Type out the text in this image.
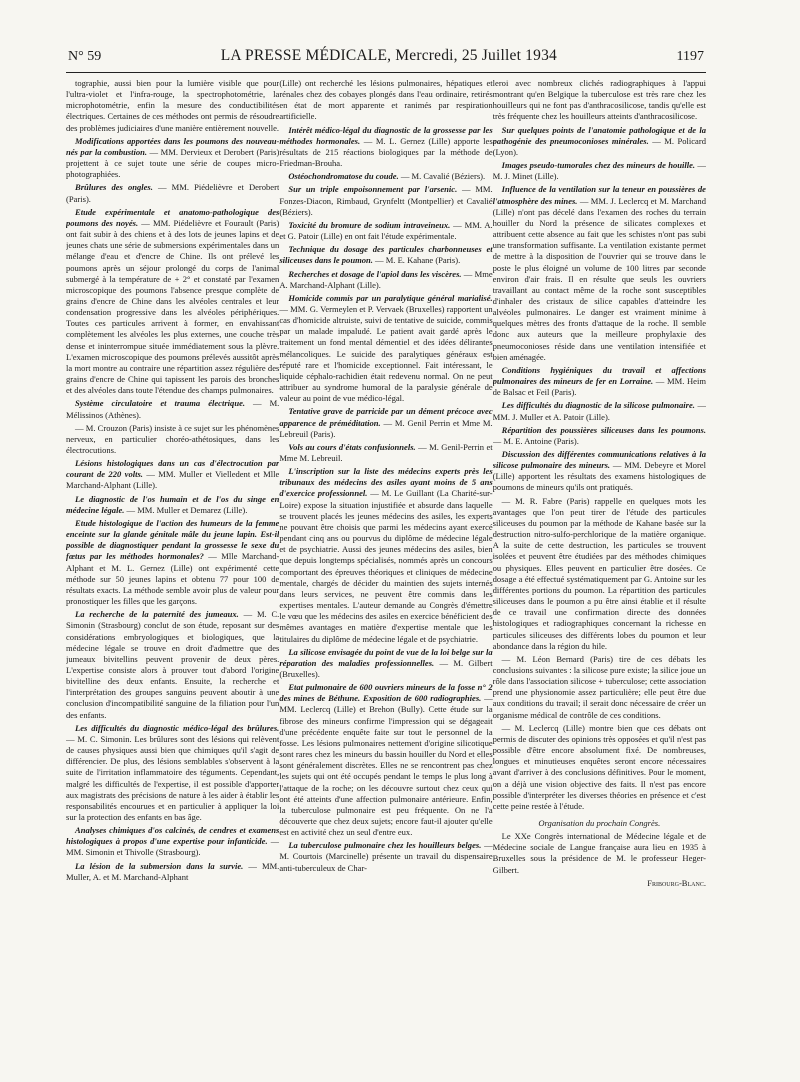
N° 59	LA PRESSE MÉDICALE, Mercredi, 25 Juillet 1934	1197

tographie, aussi bien pour la lumière visible que pour l'ultra-violet et l'infra-rouge, la spectrophotométrie, la microphotométrie, enfin la mesure des conductibilités électriques. Certaines de ces méthodes ont permis de résoudre des problèmes judiciaires d'une manière entièrement nouvelle.

Modifications apportées dans les poumons des nouveau-nés par la combustion. — MM. Dervieux et Derobert (Paris) projettent à ce sujet toute une série de coupes micro-photographiées.

Brûlures des ongles. — MM. Piédelièvre et Derobert (Paris).

Etude expérimentale et anatomo-pathologique des poumons des noyés. — MM. Piédelièvre et Fourault (Paris) ont fait subir à des chiens et à des lots de jeunes lapins et de jeunes chats une série de submersions expérimentales dans un mélange d'eau et d'encre de Chine. Ils ont prélevé les poumons après un séjour prolongé du corps de l'animal submergé à la température de + 2° et constaté par l'examen microscopique des poumons l'absence presque complète de grains d'encre de Chine dans les alvéoles centrales et leur condensation progressive dans les alvéoles périphériques. Toutes ces particules arrivent à former, en envahissant complètement les alvéoles les plus externes, une couche très dense et ininterrompue située immédiatement sous la plèvre. L'examen microscopique des poumons prélevés aussitôt après la mort montre au contraire une répartition assez régulière des grains d'encre de Chine qui tapissent les parois des bronches et des alvéoles dans toute l'étendue des champs pulmonaires.

Système circulatoire et trauma électrique. — M. Mélissinos (Athènes).

— M. Crouzon (Paris) insiste à ce sujet sur les phénomènes nerveux, en particulier choréo-athétosiques, dans les électrocutions.

Lésions histologiques dans un cas d'électrocution par courant de 220 volts. — MM. Muller et Vielledent et Mlle Marchand-Alphant (Lille).

Le diagnostic de l'os humain et de l'os du singe en médecine légale. — MM. Muller et Demarez (Lille).

Etude histologique de l'action des humeurs de la femme enceinte sur la glande génitale mâle du jeune lapin. Est-il possible de diagnostiquer pendant la grossesse le sexe du fœtus par les méthodes hormonales? — Mlle Marchand-Alphant et M. L. Gernez (Lille) ont expérimenté cette méthode sur 50 jeunes lapins et obtenu 77 pour 100 de résultats exacts. La méthode semble avoir plus de valeur pour pronostiquer les filles que les garçons.

La recherche de la paternité des jumeaux. — M. C. Simonin (Strasbourg) conclut de son étude, reposant sur des considérations embryologiques et biologiques, que la médecine légale se trouve en droit d'admettre que des jumeaux bivitellins peuvent provenir de deux pères. L'expertise consiste alors à prouver tout d'abord l'origine bivitelline des deux enfants. Ensuite, la recherche et l'interprétation des groupes sanguins peuvent aboutir à une conclusion d'incompatibilité sanguine de la filiation pour l'un des enfants.

Les difficultés du diagnostic médico-légal des brûlures. — M. C. Simonin. Les brûlures sont des lésions qui relèvent de causes physiques aussi bien que chimiques qu'il s'agit de différencier. De plus, des lésions semblables s'observent à la suite de l'irritation inflammatoire des téguments. Cependant, malgré les difficultés de l'expertise, il est possible d'apporter aux magistrats des précisions de nature à les aider à établir les responsabilités encourues et en particulier à appliquer la loi sur la protection des enfants en bas âge.

Analyses chimiques d'os calcinés, de cendres et examens histologiques à propos d'une expertise pour infanticide. — MM. Simonin et Thivolle (Strasbourg).

La lésion de la submersion dans la survie. — MM. Muller, A. et M. Marchand-Alphant

(Lille) ont recherché les lésions pulmonaires, hépatiques et rénales chez des cobayes plongés dans l'eau ordinaire, retirés en état de mort apparente et ranimés par respiration artificielle.

Intérêt médico-légal du diagnostic de la grossesse par les méthodes hormonales. — M. L. Gernez (Lille) apporte les résultats de 215 réactions biologiques par la méthode de Friedman-Brouha.

Ostéochondromatose du coude. — M. Cavalié (Béziers).

Sur un triple empoisonnement par l'arsenic. — MM. Fonzes-Diacon, Rimbaud, Grynfeltt (Montpellier) et Cavalié (Béziers).

Toxicité du bromure de sodium intraveineux. — MM. A. et G. Patoir (Lille) en ont fait l'étude expérimentale.

Technique du dosage des particules charbonneuses et siliceuses dans le poumon. — M. E. Kahane (Paris).

Recherches et dosage de l'apiol dans les viscères. — Mme A. Marchand-Alphant (Lille).

Homicide commis par un paralytique général marialisé. — MM. G. Vermeylen et P. Vervaek (Bruxelles) rapportent un cas d'homicide altruiste, suivi de tentative de suicide, commis par un malade impaludé. Le patient avait gardé après le traitement un fond mental démentiel et des idées délirantes mélancoliques. Le suicide des paralytiques généraux est réputé rare et l'homicide exceptionnel. Fait intéressant, le liquide céphalo-rachidien était redevenu normal. On ne peut attribuer au syndrome humoral de la paralysie générale de valeur au point de vue médico-légal.

Tentative grave de parricide par un dément précoce avec apparence de préméditation. — M. Genil Perrin et Mme M. Lebreuil (Paris).

Vols au cours d'états confusionnels. — M. Genil-Perrin et Mme M. Lebreuil.

L'inscription sur la liste des médecins experts près les tribunaux des médecins des asiles ayant moins de 5 ans d'exercice professionnel. — M. Le Guillant (La Charité-sur-Loire) expose la situation injustifiée et absurde dans laquelle se trouvent placés les jeunes médecins des asiles, les experts ne pouvant être choisis que parmi les médecins ayant exercé pendant cinq ans ou pourvus du diplôme de médecine légale et de psychiatrie. Aussi des jeunes médecins des asiles, bien que depuis longtemps spécialisés, nommés après un concours comportant des épreuves théoriques et cliniques de médecine mentale, chargés de décider du maintien des sujets internés dans leurs services, ne peuvent être commis dans les expertises mentales. L'auteur demande au Congrès d'émettre le vœu que les médecins des asiles en exercice bénéficient des mêmes avantages en matière d'expertise mentale que les titulaires du diplôme de médecine légale et de psychiatrie.

La silicose envisagée du point de vue de la loi belge sur la réparation des maladies professionnelles. — M. Gilbert (Bruxelles).

Etat pulmonaire de 600 ouvriers mineurs de la fosse n° 2 des mines de Béthune. Exposition de 600 radiographies. — MM. Leclercq (Lille) et Brehon (Bully). Cette étude sur la fibrose des mineurs confirme l'impression qui se dégageait d'une précédente enquête faite sur tout le personnel de la fosse. Les lésions pulmonaires nettement d'origine silicotique sont rares chez les mineurs du bassin houiller du Nord et elles sont généralement discrètes. Elles ne se rencontrent pas chez les sujets qui ont été occupés pendant le temps le plus long à l'attaque de la roche; on les découvre surtout chez ceux qui ont été atteints d'une affection pulmonaire antérieure. Enfin, la tuberculose pulmonaire est peu fréquente. On ne l'a découverte que chez deux sujets; encore faut-il ajouter qu'elle est en activité chez un seul d'entre eux.

La tuberculose pulmonaire chez les houilleurs belges. — M. Courtois (Marcinelle) présente un travail du dispensaire anti-tuberculeux de Char-

leroi avec nombreux clichés radiographiques à l'appui montrant qu'en Belgique la tuberculose est très rare chez les houilleurs qui ne font pas d'anthracosilicose, tandis qu'elle est très fréquente chez les houilleurs atteints d'anthracosilicose.

Sur quelques points de l'anatomie pathologique et de la pathogénie des pneumoconioses minérales. — M. Policard (Lyon).

Images pseudo-tumorales chez des mineurs de houille. — M. J. Minet (Lille).

Influence de la ventilation sur la teneur en poussières de l'atmosphère des mines. — MM. J. Leclercq et M. Marchand (Lille) n'ont pas décelé dans l'examen des roches du terrain houiller du Nord la présence de silicates complexes et attribuent cette absence au fait que les schistes n'ont pas subi une transformation suffisante. La ventilation existante permet de mettre à la disposition de l'ouvrier qui se trouve dans le poste le plus éloigné un volume de 100 litres par seconde environ d'air frais. Il en résulte que seuls les ouvriers travaillant au contact même de la roche sont susceptibles d'inhaler des cristaux de silice capables d'atteindre les alvéoles pulmonaires. Le danger est vraiment minime à quelques mètres des fronts d'attaque de la roche. Il semble donc aux auteurs que la meilleure prophylaxie des pneumoconioses réside dans une ventilation intensifiée et bien aménagée.

Conditions hygiéniques du travail et affections pulmonaires des mineurs de fer en Lorraine. — MM. Heim de Balsac et Feil (Paris).

Les difficultés du diagnostic de la silicose pulmonaire. — MM. J. Muller et A. Patoir (Lille).

Répartition des poussières siliceuses dans les poumons. — M. E. Antoine (Paris).

Discussion des différentes communications relatives à la silicose pulmonaire des mineurs. — MM. Debeyre et Morel (Lille) apportent les résultats des examens histologiques de poumons de mineurs qu'ils ont pratiqués.

— M. R. Fabre (Paris) rappelle en quelques mots les avantages que l'on peut tirer de l'étude des particules siliceuses du poumon par la méthode de Kahane basée sur la destruction nitro-sulfo-perchlorique de la matière organique. A la suite de cette destruction, les particules se trouvent isolées et peuvent être étudiées par des méthodes chimiques ou physiques. Elles peuvent en particulier être dosées. Ce dosage a été effectué systématiquement par G. Antoine sur les différentes portions du poumon. La répartition des particules siliceuses dans le poumon a pu être ainsi établie et il résulte de ce travail une confirmation directe des données histologiques et radiographiques concernant la richesse en particules siliceuses des différents lobes du poumon et leur abondance dans la région du hile.

— M. Léon Bernard (Paris) tire de ces débats les conclusions suivantes : la silicose pure existe; la silice joue un rôle dans l'association silicose + tuberculose; cette association prend une physionomie assez particulière; elle peut être due aux conditions du travail; il serait donc nécessaire de créer un organisme médical de contrôle de ces conditions.

— M. Leclercq (Lille) montre bien que ces débats ont permis de discuter des opinions très opposées et qu'il n'est pas possible d'être encore absolument fixé. De nombreuses, longues et minutieuses enquêtes seront encore nécessaires avant d'arriver à des conclusions définitives. Pour le moment, on a déjà une vision objective des faits. Il n'est pas encore possible d'interpréter les diverses théories en présence et c'est cette peine restée à l'étude.

Organisation du prochain Congrès.

Le XXe Congrès international de Médecine légale et de Médecine sociale de Langue française aura lieu en 1935 à Bruxelles sous la présidence de M. le professeur Heger-Gilbert.

Fribourg-Blanc.
